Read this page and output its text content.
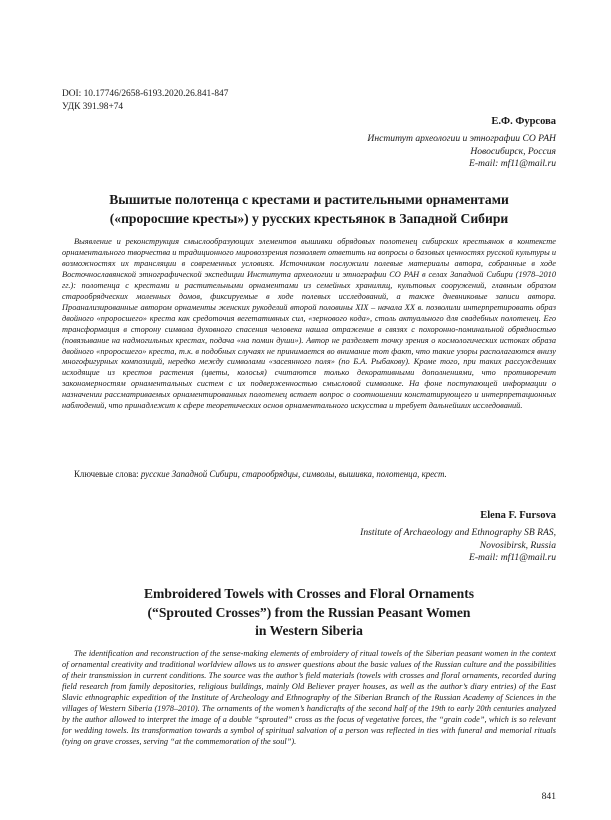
DOI: 10.17746/2658-6193.2020.26.841-847
УДК 391.98+74
Е.Ф. Фурсова
Институт археологии и этнографии СО РАН
Новосибирск, Россия
E-mail: mf11@mail.ru
Вышитые полотенца с крестами и растительными орнаментами
(«проросшие кресты») у русских крестьянок в Западной Сибири

Выявление и реконструкция смыслообразующих элементов вышивки обрядовых полотенец сибирских крестьянок в контексте орнаментального творчества и традиционного мировоззрения позволяет ответить на вопросы о базовых ценностях русской культуры и возможностях их трансляции в современных условиях. Источником послужили полевые материалы автора, собранные в ходе Восточнославянской этнографической экспедиции Института археологии и этнографии СО РАН в селах Западной Сибири (1978–2010 гг.): полотенца с крестами и растительными орнаментами из семейных хранилищ, культовых сооружений, главным образом старообрядческих моленных домов, фиксируемые в ходе полевых исследований, а также дневниковые записи автора. Проанализированные автором орнаменты женских рукоделий второй половины XIX – начала ХХ в. позволили интерпретировать образ двойного «проросшего» креста как средоточия вегетативных сил, «зернового кода», столь актуального для свадебных полотенец. Его трансформация в сторону символа духовного спасения человека нашла отражение в связях с похоронно-поминальной обрядностью (повязывание на надмогильных крестах, подача «на помин души»). Автор не разделяет точку зрения о космологических истоках образа двойного «проросшего» креста, т.к. в подобных случаях не принимается во внимание тот факт, что такие узоры располагаются внизу многофигурных композиций, нередко между символами «засеянного поля» (по Б.А. Рыбакову). Кроме того, при таких рассуждениях исходящие из крестов растения (цветы, колосья) считаются только декоративными дополнениями, что противоречит закономерностям орнаментальных систем с их подверженностью смысловой символике. На фоне поступающей информации о назначении рассматриваемых орнаментированных полотенец встает вопрос о соотношении констатирующего и интерпретационных наблюдений, что принадлежит к сфере теоретических основ орнаментального искусства и требует дальнейших исследований.

Ключевые слова: русские Западной Сибири, старообрядцы, символы, вышивка, полотенца, крест.
Elena F. Fursova
Institute of Archaeology and Ethnography SB RAS,
Novosibirsk, Russia
E-mail: mf11@mail.ru
Embroidered Towels with Crosses and Floral Ornaments
(“Sprouted Crosses”) from the Russian Peasant Women
in Western Siberia

The identification and reconstruction of the sense-making elements of embroidery of ritual towels of the Siberian peasant women in the context of ornamental creativity and traditional worldview allows us to answer questions about the basic values of the Russian culture and the possibilities of their transmission in current conditions. The source was the author’s field materials (towels with crosses and floral ornaments, recorded during field research from family depositories, religious buildings, mainly Old Believer prayer houses, as well as the author’s diary entries) of the East Slavic ethnographic expedition of the Institute of Archeology and Ethnography of the Siberian Branch of the Russian Academy of Sciences in the villages of Western Siberia (1978–2010). The ornaments of the women’s handicrafts of the second half of the 19th to early 20th centuries analyzed by the author allowed to interpret the image of a double “sprouted” cross as the focus of vegetative forces, the “grain code”, which is so relevant for wedding towels. Its transformation towards a symbol of spiritual salvation of a person was reflected in ties with funeral and memorial rituals (tying on grave crosses, serving “at the commemoration of the soul”).

841
